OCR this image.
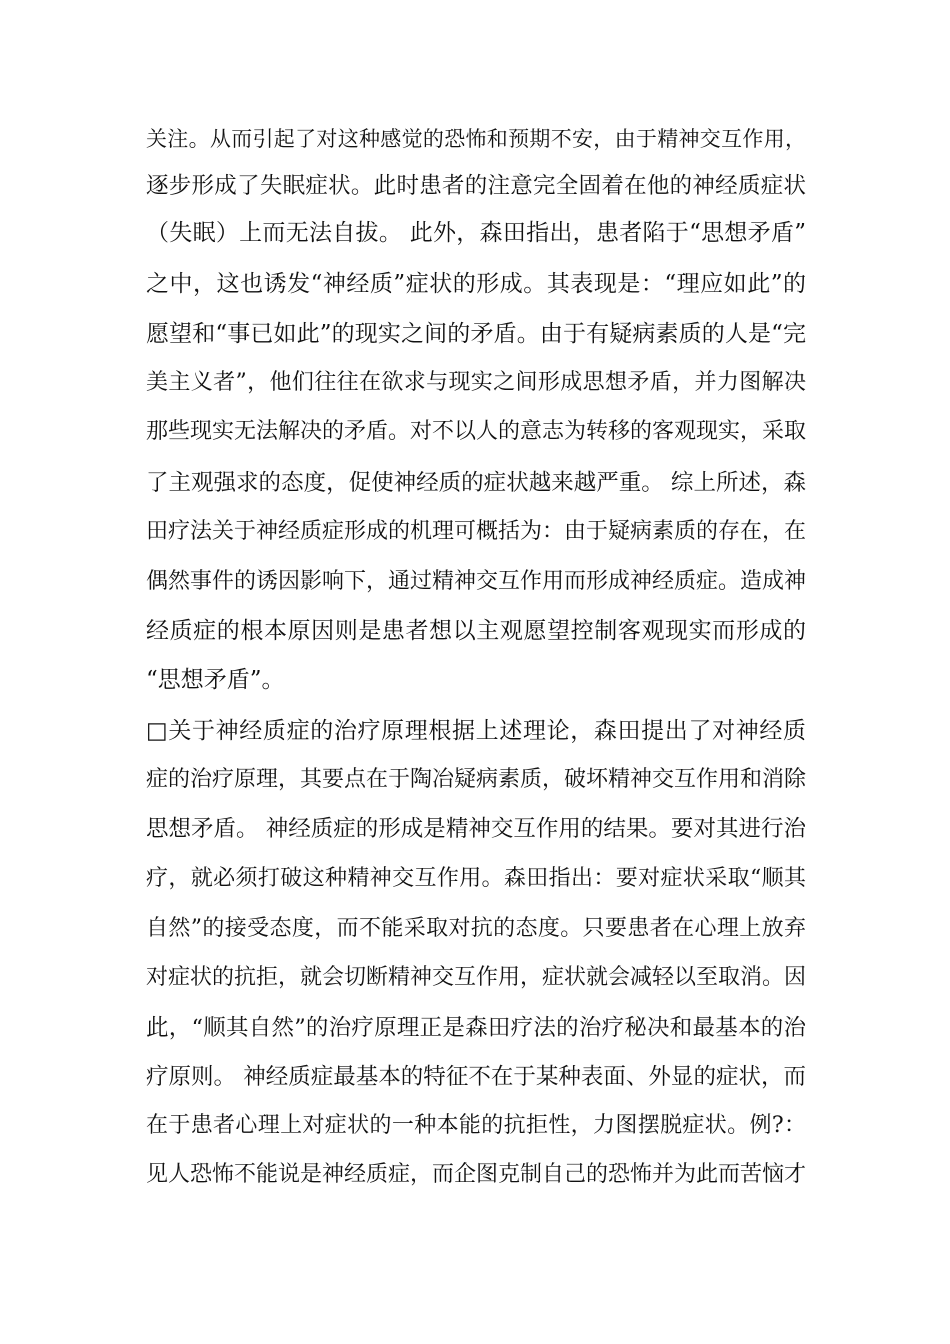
关注。从而引起了对这种感觉的恐怖和预期不安，由于精神交互作用，
逐步形成了失眠症状。此时患者的注意完全固着在他的神经质症状
（失眠）上而无法自拔。 此外，森田指出，患者陷于“思想矛盾”
之中，这也诱发“神经质”症状的形成。其表现是：“理应如此”的
愿望和“事已如此”的现实之间的矛盾。由于有疑病素质的人是“完
美主义者”，他们往往在欲求与现实之间形成思想矛盾，并力图解决
那些现实无法解决的矛盾。对不以人的意志为转移的客观现实，采取
了主观强求的态度，促使神经质的症状越来越严重。 综上所述，森
田疗法关于神经质症形成的机理可概括为：由于疑病素质的存在，在
偶然事件的诱因影响下，通过精神交互作用而形成神经质症。造成神
经质症的根本原因则是患者想以主观愿望控制客观现实而形成的
“思想矛盾”。
□关于神经质症的治疗原理根据上述理论，森田提出了对神经质
症的治疗原理，其要点在于陶冶疑病素质，破坏精神交互作用和消除
思想矛盾。 神经质症的形成是精神交互作用的结果。要对其进行治
疗，就必须打破这种精神交互作用。森田指出：要对症状采取“顺其
自然”的接受态度，而不能采取对抗的态度。只要患者在心理上放弃
对症状的抗拒，就会切断精神交互作用，症状就会减轻以至取消。因
此，“顺其自然”的治疗原理正是森田疗法的治疗秘决和最基本的治
疗原则。 神经质症最基本的特征不在于某种表面、外显的症状，而
在于患者心理上对症状的一种本能的抗拒性，力图摆脱症状。例?：
见人恐怖不能说是神经质症，而企图克制自己的恐怖并为此而苦恼才
